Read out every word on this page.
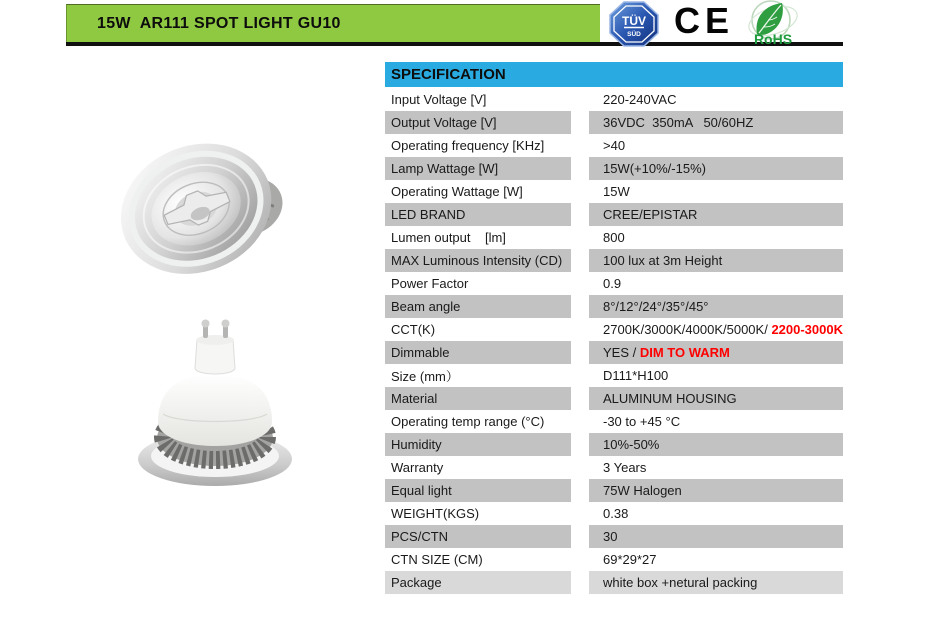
15W  AR111 SPOT LIGHT GU10	TÜV
SÜD CE RoHS
SPECIFICATION
Input Voltage [V]	220-240VAC
Output Voltage [V]	36VDC  350mA   50/60HZ
Operating frequency [KHz]	>40
Lamp Wattage [W]	15W(+10%/-15%)
Operating Wattage [W]	15W
LED BRAND	CREE/EPISTAR
Lumen output    [lm]	800
MAX Luminous Intensity (CD)	100 lux at 3m Height
Power Factor	0.9
Beam angle	8°/12°/24°/35°/45°
CCT(K)	2700K/3000K/4000K/5000K/ 2200-3000K
Dimmable	YES / DIM TO WARM
Size (mm）	D111*H100
Material	ALUMINUM HOUSING
Operating temp range (°C)	-30 to +45 °C
Humidity	10%-50%
Warranty	3 Years
Equal light	75W Halogen
WEIGHT(KGS)	0.38
PCS/CTN	30
CTN SIZE (CM)	69*29*27
Package	white box +netural packing
